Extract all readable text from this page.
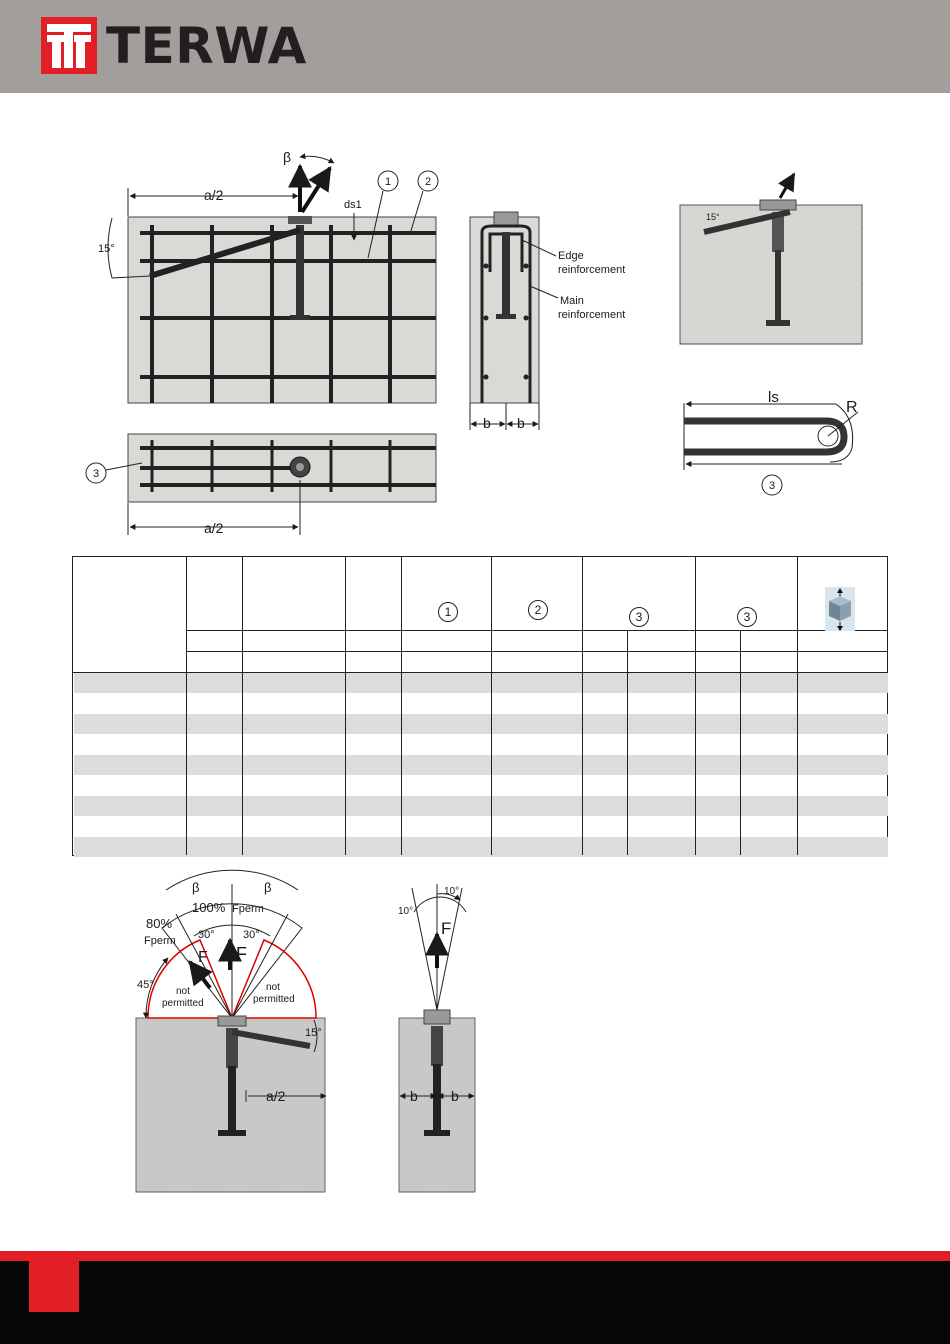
TERWA
β
a/2
ds1
15°
1	2
3
a/2
b b
Edge
reinforcement
Main
reinforcement
15°
ls
R
3
1	2	3	3
a/2
β	β
100% Fperm
80%
Fperm 30°	30°
F
F
45°
not
permitted
not
permitted
15°
F
10°
10°
b b
